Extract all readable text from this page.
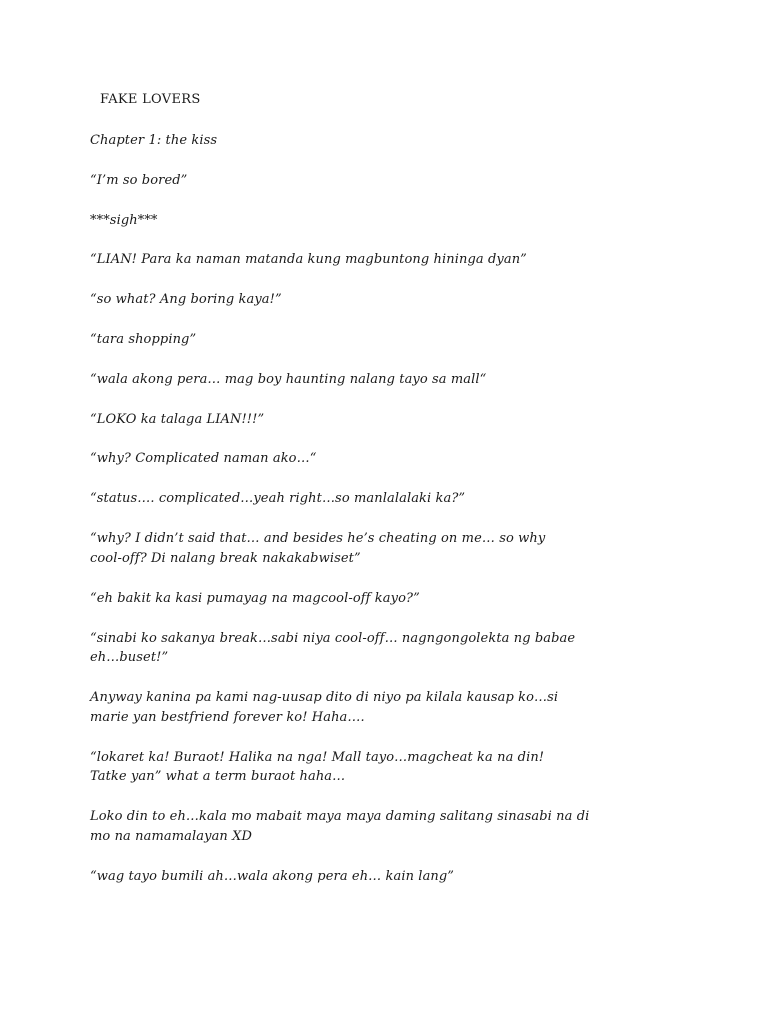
FAKE LOVERS
Chapter 1: the kiss
“I’m so bored”
***sigh***
“LIAN! Para ka naman matanda kung magbuntong hininga dyan”
“so what? Ang boring kaya!”
“tara shopping”
“wala akong pera… mag boy haunting nalang tayo sa mall“
“LOKO ka talaga LIAN!!!”
“why? Complicated naman ako…“
“status…. complicated…yeah right…so manlalalaki ka?”
“why? I didn’t said that… and besides he’s cheating on me… so why
cool-off? Di nalang break nakakabwiset”
“eh bakit ka kasi pumayag na magcool-off kayo?”
“sinabi ko sakanya break…sabi niya cool-off… nagngongolekta ng babae
eh…buset!”
Anyway kanina pa kami nag-uusap dito di niyo pa kilala kausap ko…si
marie yan bestfriend forever ko! Haha….
“lokaret ka! Buraot! Halika na nga! Mall tayo…magcheat ka na din!
Tatke yan” what a term buraot haha…
Loko din to eh…kala mo mabait maya maya daming salitang sinasabi na di
mo na namamalayan XD
“wag tayo bumili ah…wala akong pera eh… kain lang”
